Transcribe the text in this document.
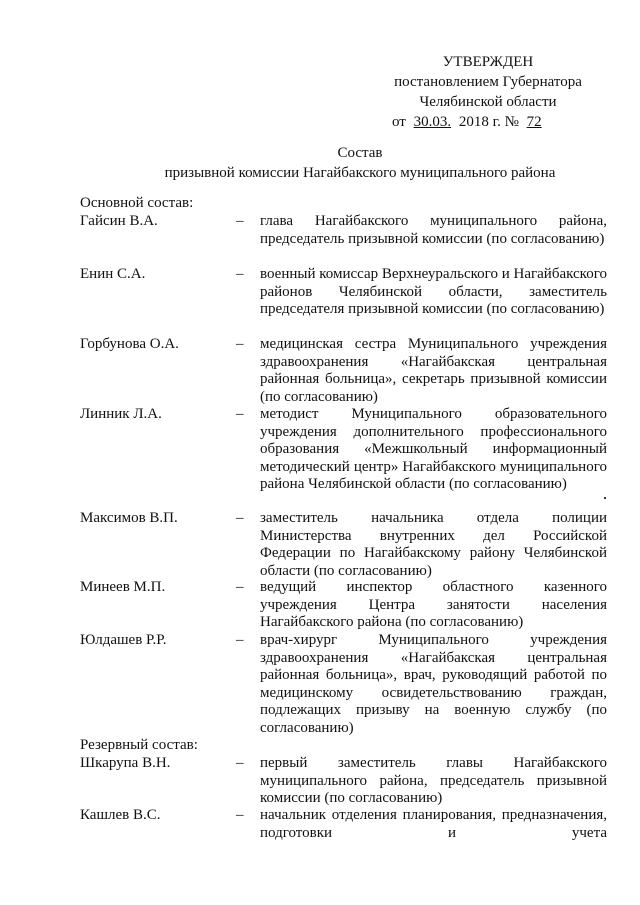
УТВЕРЖДЕН
постановлением Губернатора
Челябинской области
от 30.03. 2018 г. № 72
Состав
призывной комиссии Нагайбакского муниципального района
Основной состав:
Резервный состав:
Гайсин В.А.	–	глава Нагайбакского муниципального района, председатель призывной комиссии (по согласованию)
Енин С.А.	–	военный комиссар Верхнеуральского и Нагайбакского районов Челябинской области, заместитель председателя призывной комиссии (по согласованию)
Горбунова О.А.	–	медицинская сестра Муниципального учреждения здравоохранения «Нагайбакская центральная районная больница», секретарь призывной комиссии (по согласованию)
Линник Л.А.	–	методист Муниципального образовательного учреждения дополнительного профессионального образования «Межшкольный информационный методический центр» Нагайбакского муниципального района Челябинской области (по согласованию)
Максимов В.П.	–	заместитель начальника отдела полиции Министерства внутренних дел Российской Федерации по Нагайбакскому району Челябинской области (по согласованию)
Минеев М.П.	–	ведущий инспектор областного казенного учреждения Центра занятости населения Нагайбакского района (по согласованию)
Юлдашев Р.Р.	–	врач-хирург Муниципального учреждения здравоохранения «Нагайбакская центральная районная больница», врач, руководящий работой по медицинскому освидетельствованию граждан, подлежащих призыву на военную службу (по согласованию)
Шкарупа В.Н.	–	первый заместитель главы Нагайбакского муниципального района, председатель призывной комиссии (по согласованию)
Кашлев В.С.	–	начальник отделения планирования, предназначения, подготовки и учета
